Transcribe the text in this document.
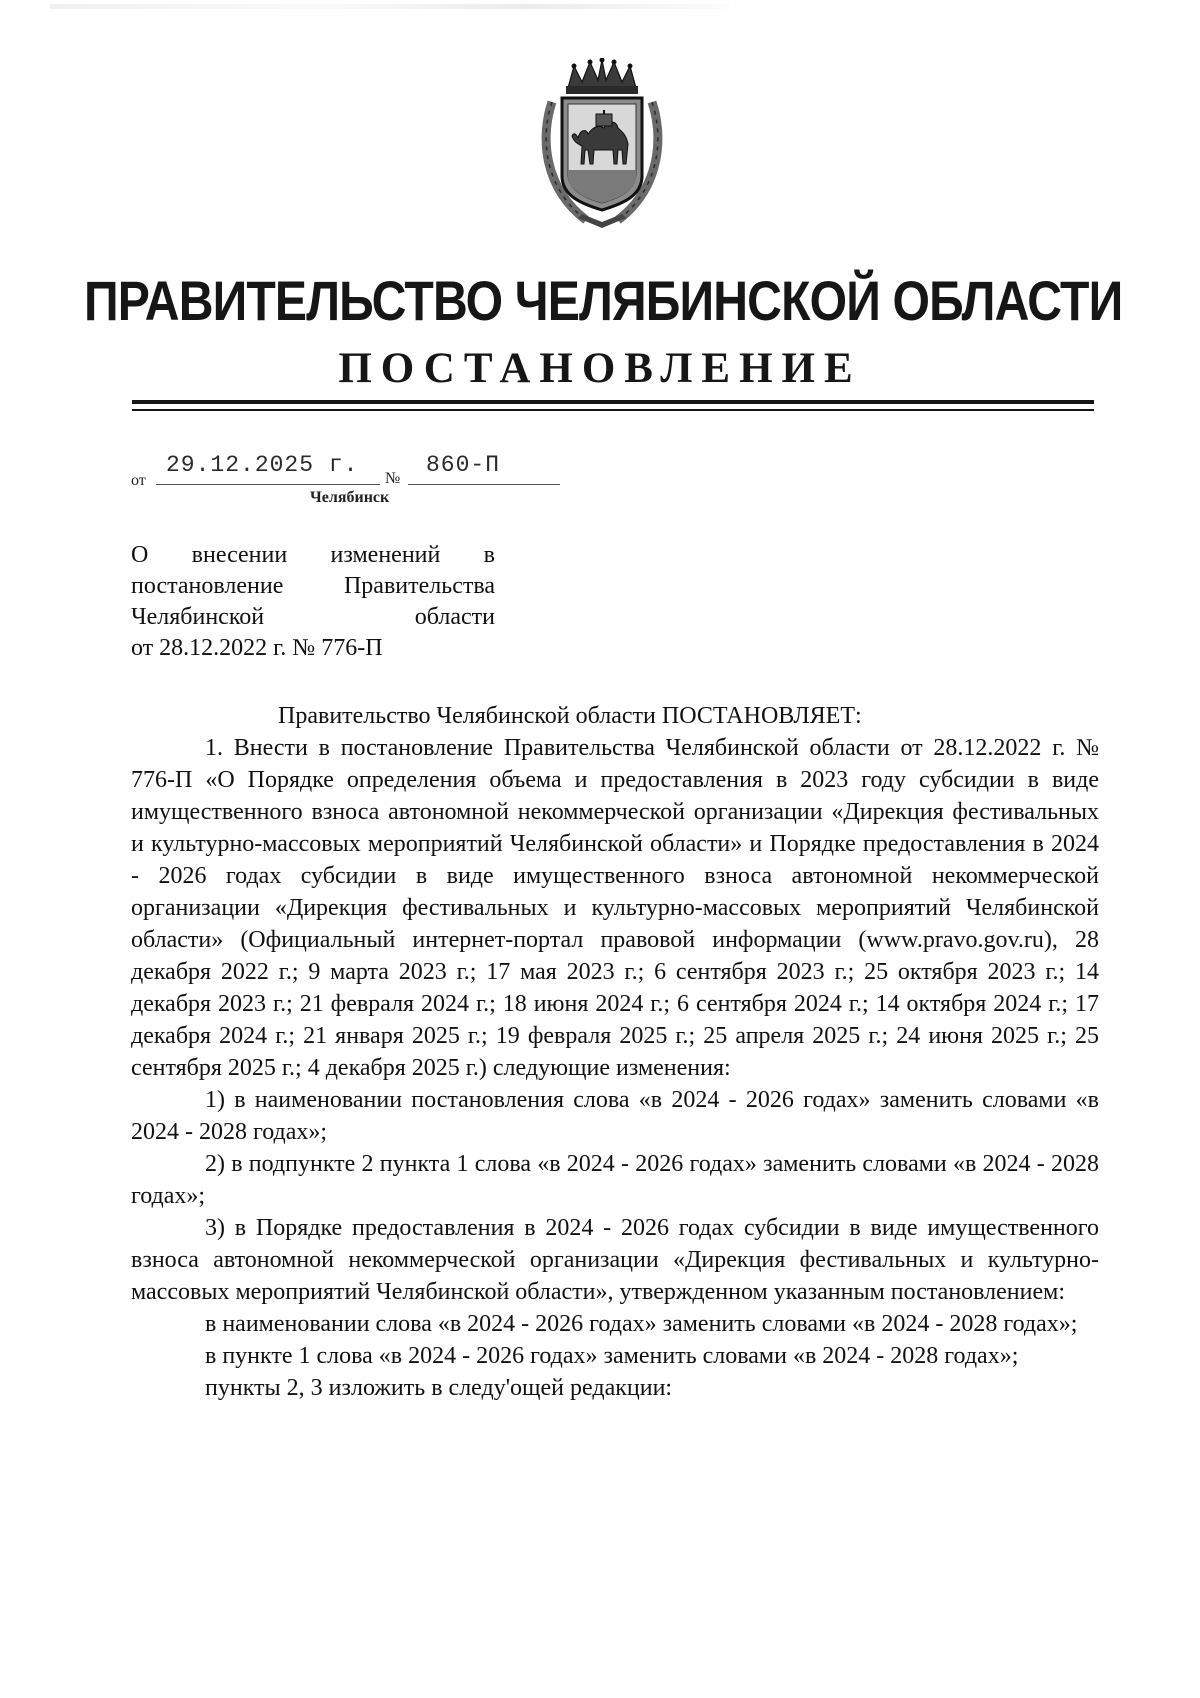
ПРАВИТЕЛЬСТВО ЧЕЛЯБИНСКОЙ ОБЛАСТИ
ПОСТАНОВЛЕНИЕ
от
29.12.2025 г.
№
860-П
Челябинск
О внесении изменений в
постановление Правительства
Челябинской области
от 28.12.2022 г. № 776-П

Правительство Челябинской области ПОСТАНОВЛЯЕТ:

1. Внести в постановление Правительства Челябинской области от 28.12.2022 г. № 776-П «О Порядке определения объема и предоставления в 2023 году субсидии в виде имущественного взноса автономной некоммерческой организации «Дирекция фестивальных и культурно-массовых мероприятий Челябинской области» и Порядке предоставления в 2024 - 2026 годах субсидии в виде имущественного взноса автономной некоммерческой организации «Дирекция фестивальных и культурно-массовых мероприятий Челябинской области» (Официальный интернет-портал правовой информации (www.pravo.gov.ru), 28 декабря 2022 г.; 9 марта 2023 г.; 17 мая 2023 г.; 6 сентября 2023 г.; 25 октября 2023 г.; 14 декабря 2023 г.; 21 февраля 2024 г.; 18 июня 2024 г.; 6 сентября 2024 г.; 14 октября 2024 г.; 17 декабря 2024 г.; 21 января 2025 г.; 19 февраля 2025 г.; 25 апреля 2025 г.; 24 июня 2025 г.; 25 сентября 2025 г.; 4 декабря 2025 г.) следующие изменения:

1) в наименовании постановления слова «в 2024 - 2026 годах» заменить словами «в 2024 - 2028 годах»;

2) в подпункте 2 пункта 1 слова «в 2024 - 2026 годах» заменить словами «в 2024 - 2028 годах»;

3) в Порядке предоставления в 2024 - 2026 годах субсидии в виде имущественного взноса автономной некоммерческой организации «Дирекция фестивальных и культурно-массовых мероприятий Челябинской области», утвержденном указанным постановлением:

в наименовании слова «в 2024 - 2026 годах» заменить словами «в 2024 - 2028 годах»;

в пункте 1 слова «в 2024 - 2026 годах» заменить словами «в 2024 - 2028 годах»;

пункты 2, 3 изложить в следу'ощей редакции:
